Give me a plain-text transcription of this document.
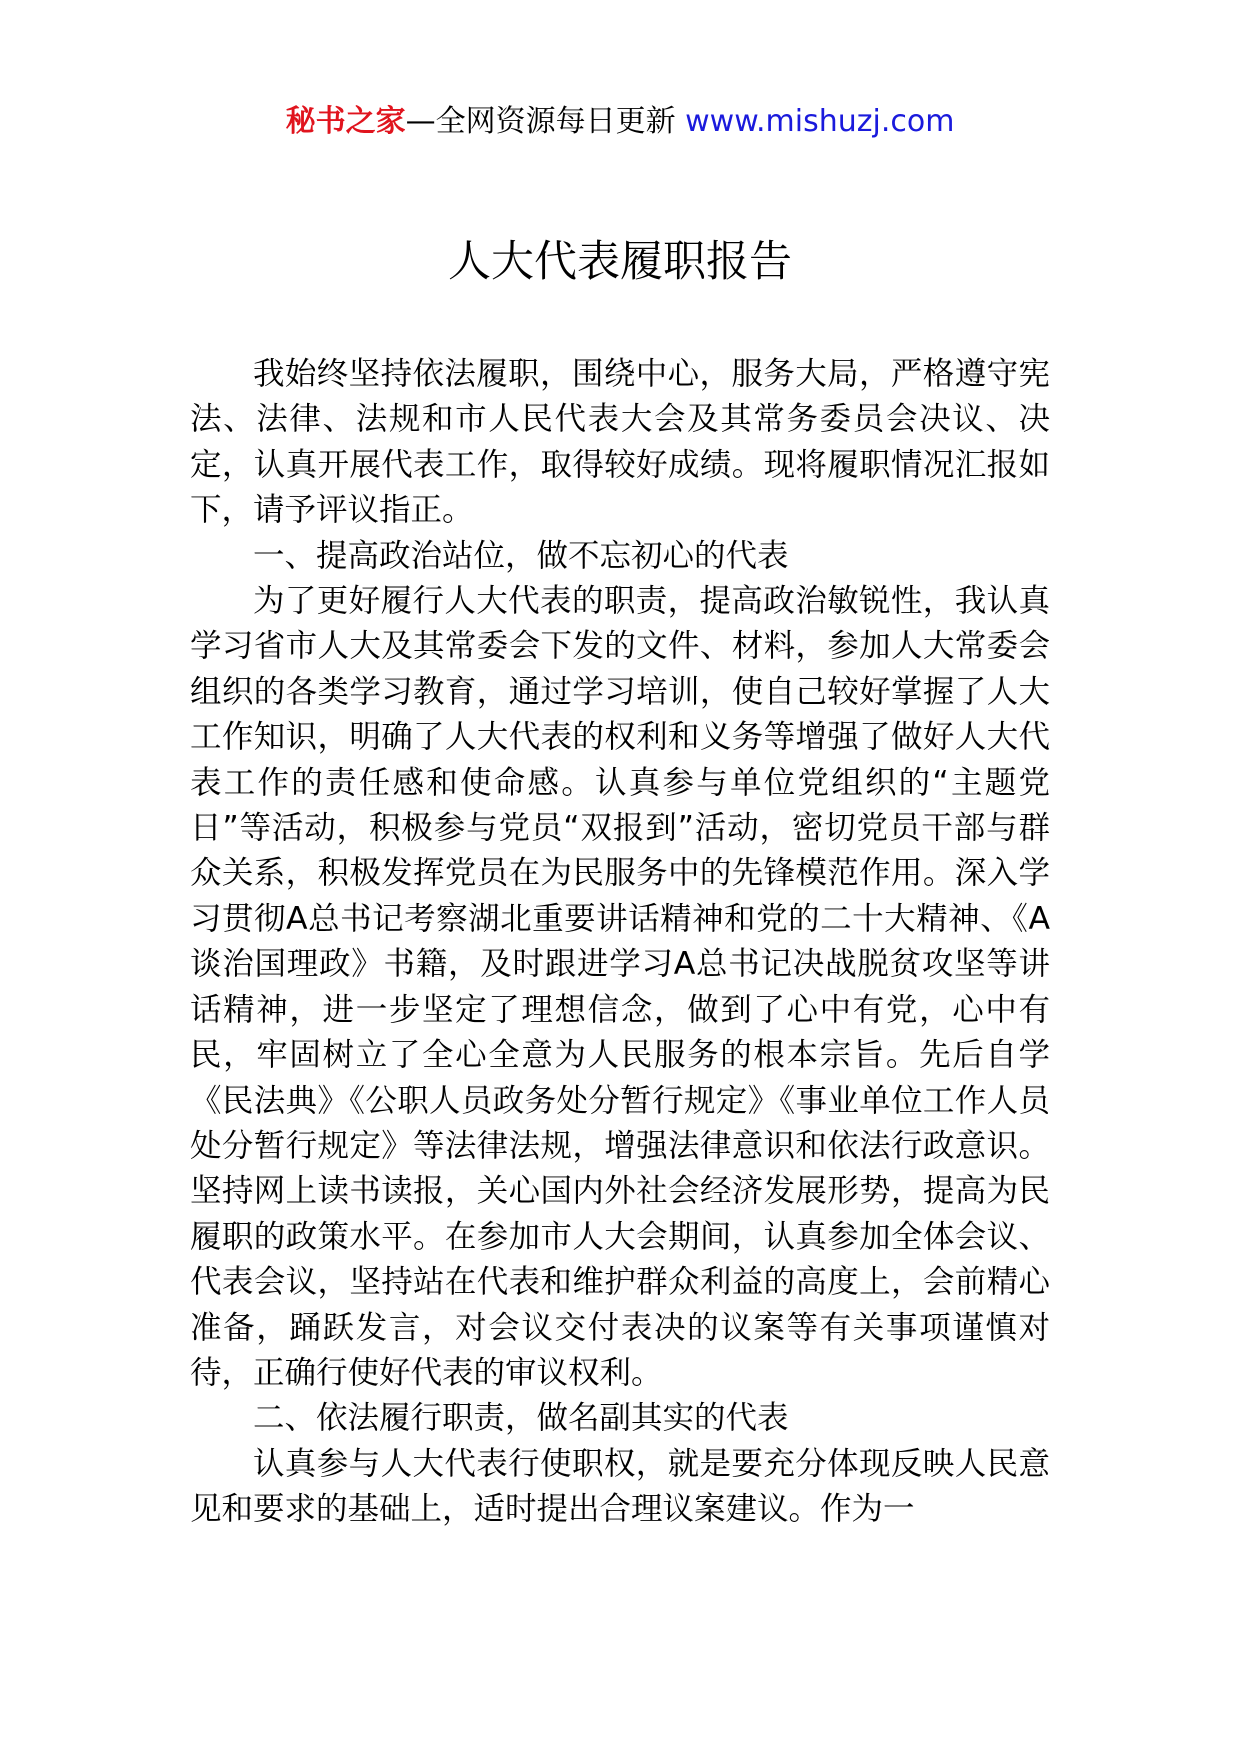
秘书之家—全网资源每日更新 www.mishuzj.com
人大代表履职报告

我始终坚持依法履职，围绕中心，服务大局，严格遵守宪法、法律、法规和市人民代表大会及其常务委员会决议、决定，认真开展代表工作，取得较好成绩。现将履职情况汇报如下，请予评议指正。

一、提高政治站位，做不忘初心的代表

为了更好履行人大代表的职责，提高政治敏锐性，我认真学习省市人大及其常委会下发的文件、材料，参加人大常委会组织的各类学习教育，通过学习培训，使自己较好掌握了人大工作知识，明确了人大代表的权利和义务等增强了做好人大代表工作的责任感和使命感。认真参与单位党组织的“主题党日”等活动，积极参与党员“双报到”活动，密切党员干部与群众关系，积极发挥党员在为民服务中的先锋模范作用。深入学习贯彻A总书记考察湖北重要讲话精神和党的二十大精神、《A谈治国理政》书籍，及时跟进学习A总书记决战脱贫攻坚等讲话精神，进一步坚定了理想信念，做到了心中有党，心中有民，牢固树立了全心全意为人民服务的根本宗旨。先后自学《民法典》《公职人员政务处分暂行规定》《事业单位工作人员处分暂行规定》等法律法规，增强法律意识和依法行政意识。坚持网上读书读报，关心国内外社会经济发展形势，提高为民履职的政策水平。在参加市人大会期间，认真参加全体会议、代表会议，坚持站在代表和维护群众利益的高度上，会前精心准备，踊跃发言，对会议交付表决的议案等有关事项谨慎对待，正确行使好代表的审议权利。

二、依法履行职责，做名副其实的代表

认真参与人大代表行使职权，就是要充分体现反映人民意见和要求的基础上，适时提出合理议案建议。作为一
